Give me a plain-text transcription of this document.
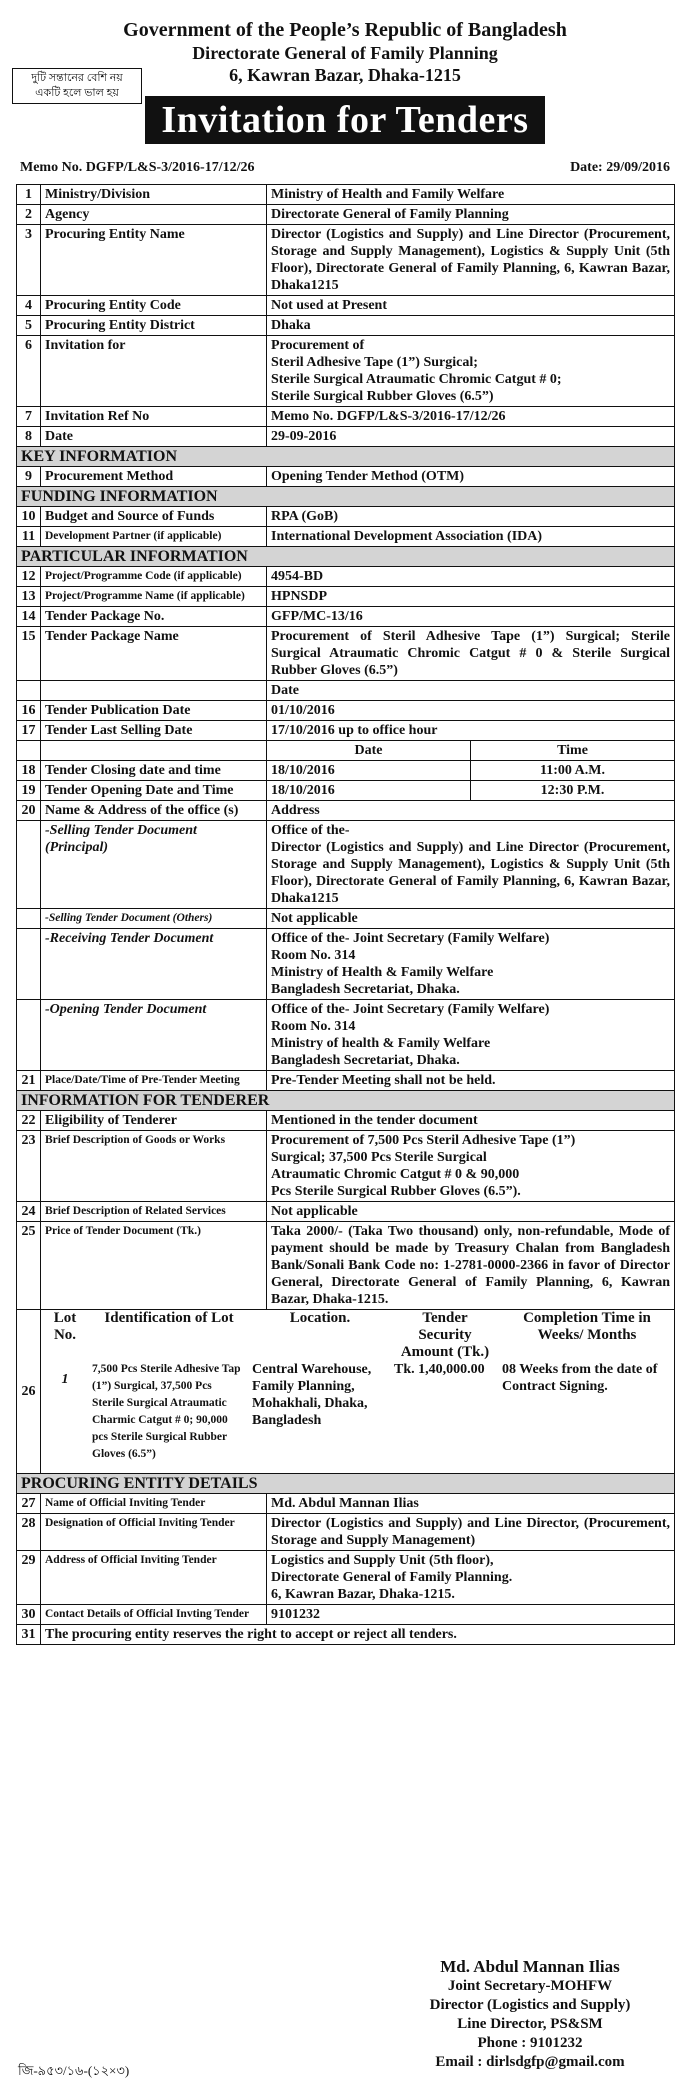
দুটি সন্তানের বেশি নয়
একটি হলে ভাল হয়
Government of the People’s Republic of Bangladesh
Directorate General of Family Planning
6, Kawran Bazar, Dhaka-1215
Invitation for Tenders
Memo No. DGFP/L&S-3/2016-17/12/26	Date: 29/09/2016
1	Ministry/Division	Ministry of Health and Family Welfare
2	Agency	Directorate General of Family Planning
3	Procuring Entity Name	Director (Logistics and Supply) and Line Director (Procurement, Storage and Supply Management), Logistics & Supply Unit (5th Floor), Directorate General of Family Planning, 6, Kawran Bazar, Dhaka1215
4	Procuring Entity Code	Not used at Present
5	Procuring Entity District	Dhaka
6	Invitation for	Procurement of
Steril Adhesive Tape (1”) Surgical;
Sterile Surgical Atraumatic Chromic Catgut # 0;
Sterile Surgical Rubber Gloves (6.5”)

7	Invitation Ref No	Memo No. DGFP/L&S-3/2016-17/12/26
8	Date	29-09-2016
KEY INFORMATION
9	Procurement Method	Opening Tender Method (OTM)
FUNDING INFORMATION
10	Budget and Source of Funds	RPA (GoB)
11	Development Partner (if applicable)	International Development Association (IDA)
PARTICULAR INFORMATION
12	Project/Programme Code (if applicable)	4954-BD
13	Project/Programme Name (if applicable)	HPNSDP
14	Tender Package No.	GFP/MC-13/16
15	Tender Package Name	Procurement of Steril Adhesive Tape (1”) Surgical; Sterile Surgical Atraumatic Chromic Catgut # 0 & Sterile Surgical Rubber Gloves (6.5”)
		Date
16	Tender Publication Date	01/10/2016
17	Tender Last Selling Date	17/10/2016 up to office hour
		Date	Time
18	Tender Closing date and time	18/10/2016	11:00 A.M.
19	Tender Opening Date and Time	18/10/2016	12:30 P.M.
20	Name & Address of the office (s)	Address
	-Selling Tender Document (Principal)	
Office of the-
Director (Logistics and Supply) and Line Director (Procurement, Storage and Supply Management), Logistics & Supply Unit (5th Floor), Directorate General of Family Planning, 6, Kawran Bazar, Dhaka1215

	-Selling Tender Document (Others)	Not applicable
	-Receiving Tender Document	Office of the- Joint Secretary (Family Welfare)
Room No. 314
Ministry of Health & Family Welfare
Bangladesh Secretariat, Dhaka.

	-Opening Tender Document	Office of the- Joint Secretary (Family Welfare)
Room No. 314
Ministry of health & Family Welfare
Bangladesh Secretariat, Dhaka.

21	Place/Date/Time of Pre-Tender Meeting	Pre-Tender Meeting shall not be held.
INFORMATION FOR TENDERER
22	Eligibility of Tenderer	Mentioned in the tender document
23	Brief Description of Goods or Works	Procurement of 7,500 Pcs Steril Adhesive Tape (1”)
Surgical; 37,500 Pcs Sterile Surgical
Atraumatic Chromic Catgut # 0 & 90,000
Pcs Sterile Surgical Rubber Gloves (6.5”).

24	Brief Description of Related Services	Not applicable
25	Price of Tender Document (Tk.)	Taka 2000/- (Taka Two thousand) only, non-refundable, Mode of payment should be made by Treasury Chalan from Bangladesh Bank/Sonali Bank Code no: 1-2781-0000-2366 in favor of Director General, Directorate General of Family Planning, 6, Kawran Bazar, Dhaka-1215.
26	
Lot No.	Identification of Lot	Location.	Tender Security Amount (Tk.)	Completion Time in Weeks/ Months
1	7,500 Pcs Sterile Adhesive Tap (1”) Surgical, 37,500 Pcs Sterile Surgical Atraumatic Charmic Catgut # 0; 90,000 pcs Sterile Surgical Rubber Gloves (6.5”)	Central Warehouse, Family Planning, Mohakhali, Dhaka, Bangladesh	Tk. 1,40,000.00	08 Weeks from the date of Contract Signing.

PROCURING ENTITY DETAILS
27	Name of Official Inviting Tender	Md. Abdul Mannan Ilias
28	Designation of Official Inviting Tender	Director (Logistics and Supply) and Line Director, (Procurement, Storage and Supply Management)
29	Address of Official Inviting Tender	Logistics and Supply Unit (5th floor),
Directorate General of Family Planning.
6, Kawran Bazar, Dhaka-1215.

30	Contact Details of Official Invting Tender	9101232
31	The procuring entity reserves the right to accept or reject all tenders.
Md. Abdul Mannan Ilias
Joint Secretary-MOHFW
Director (Logistics and Supply)
Line Director, PS&SM
Phone : 9101232
Email : dirlsdgfp@gmail.com
জি-৯৫৩/১৬-(১২×৩)
